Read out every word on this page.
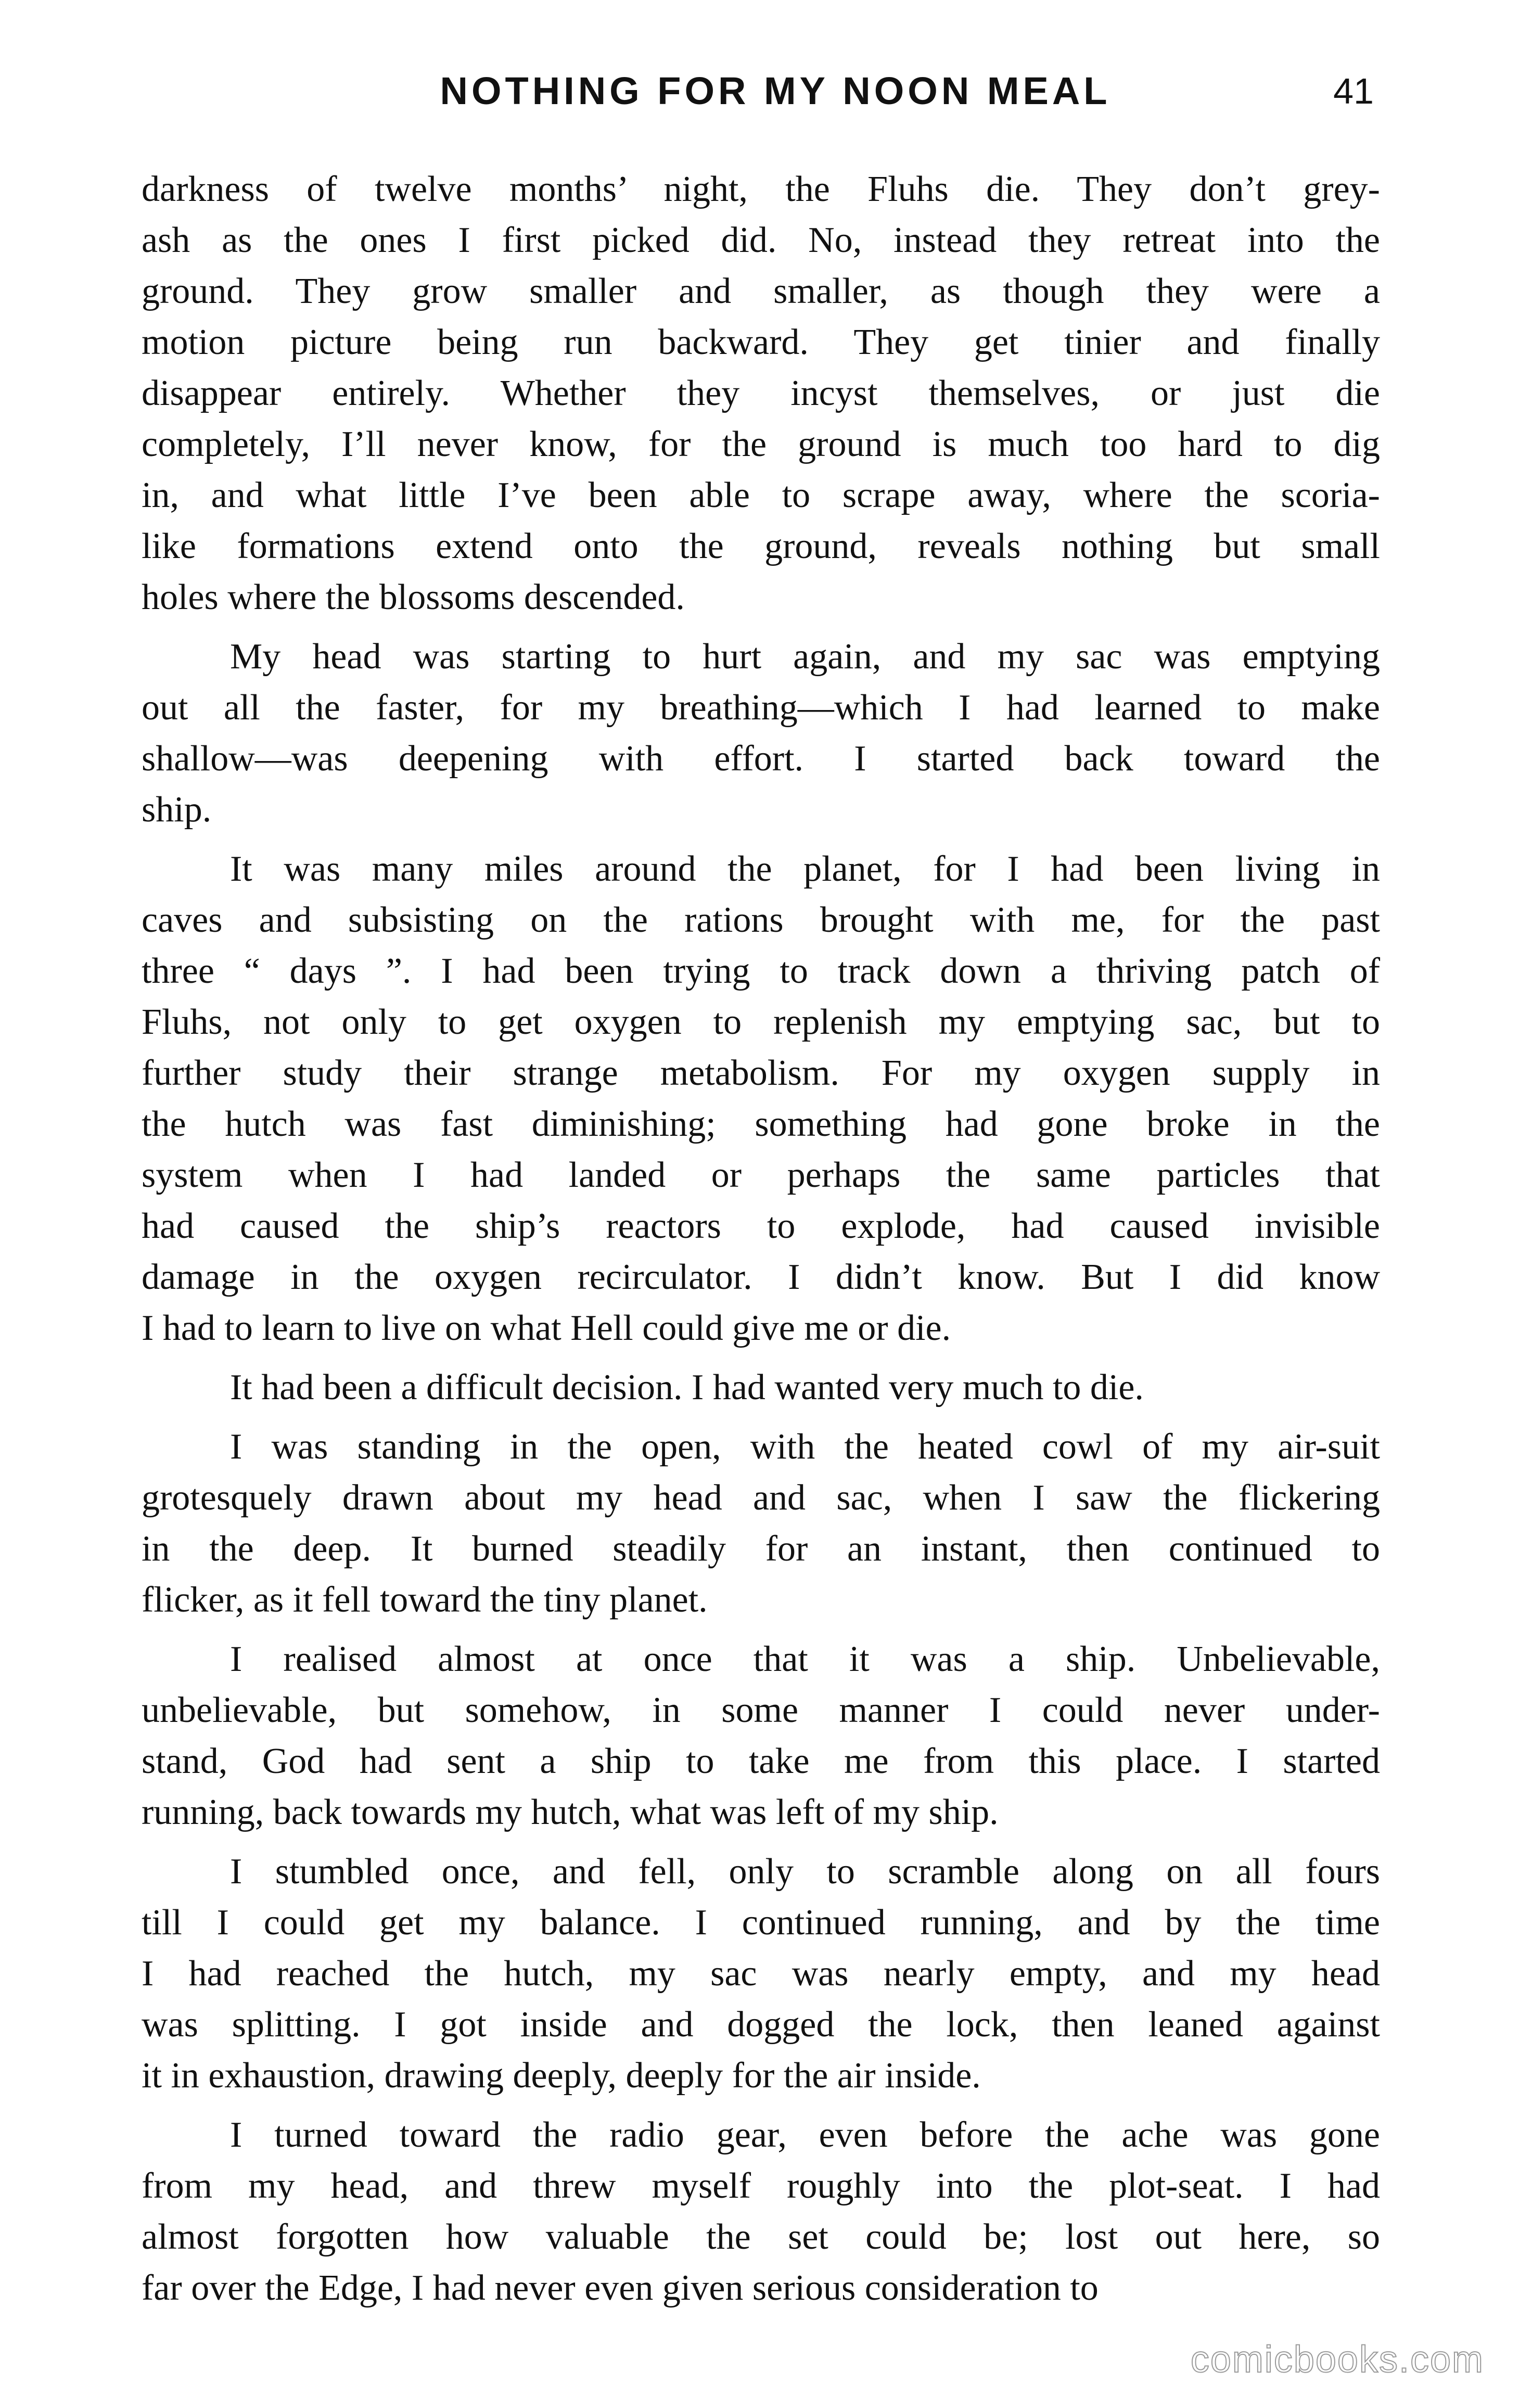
NOTHING FOR MY NOON MEAL	41
darkness of twelve months’ night, the Fluhs die. They don’t grey-
ash as the ones I first picked did. No, instead they retreat into the
ground. They grow smaller and smaller, as though they were a
motion picture being run backward. They get tinier and finally
disappear entirely. Whether they incyst themselves, or just die
completely, I’ll never know, for the ground is much too hard to dig
in, and what little I’ve been able to scrape away, where the scoria-
like formations extend onto the ground, reveals nothing but small
holes where the blossoms descended.
My head was starting to hurt again, and my sac was emptying
out all the faster, for my breathing—which I had learned to make
shallow—was deepening with effort. I started back toward the
ship.
It was many miles around the planet, for I had been living in
caves and subsisting on the rations brought with me, for the past
three “ days ”. I had been trying to track down a thriving patch of
Fluhs, not only to get oxygen to replenish my emptying sac, but to
further study their strange metabolism. For my oxygen supply in
the hutch was fast diminishing; something had gone broke in the
system when I had landed or perhaps the same particles that
had caused the ship’s reactors to explode, had caused invisible
damage in the oxygen recirculator. I didn’t know. But I did know
I had to learn to live on what Hell could give me or die.
It had been a difficult decision. I had wanted very much to die.
I was standing in the open, with the heated cowl of my air-suit
grotesquely drawn about my head and sac, when I saw the flickering
in the deep. It burned steadily for an instant, then continued to
flicker, as it fell toward the tiny planet.
I realised almost at once that it was a ship. Unbelievable,
unbelievable, but somehow, in some manner I could never under-
stand, God had sent a ship to take me from this place. I started
running, back towards my hutch, what was left of my ship.
I stumbled once, and fell, only to scramble along on all fours
till I could get my balance. I continued running, and by the time
I had reached the hutch, my sac was nearly empty, and my head
was splitting. I got inside and dogged the lock, then leaned against
it in exhaustion, drawing deeply, deeply for the air inside.
I turned toward the radio gear, even before the ache was gone
from my head, and threw myself roughly into the plot-seat. I had
almost forgotten how valuable the set could be; lost out here, so
far over the Edge, I had never even given serious consideration to
comicbooks.com
